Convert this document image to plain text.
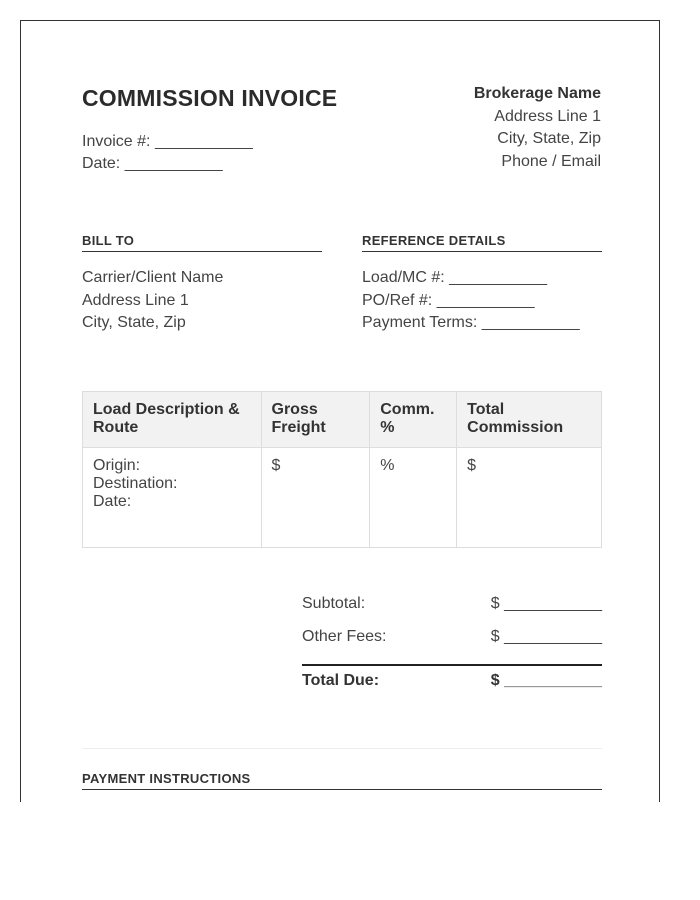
COMMISSION INVOICE
Invoice #: ___________
Date: ___________
Brokerage Name
Address Line 1
City, State, Zip
Phone / Email
BILL TO
Carrier/Client Name
Address Line 1
City, State, Zip
REFERENCE DETAILS
Load/MC #: ___________
PO/Ref #: ___________
Payment Terms: ___________
Load Description & Route	Gross Freight	Comm. %	Total Commission

Origin:
Destination:
Date:	$	%	$
Subtotal:	$ ___________
Other Fees:	$ ___________
Total Due:	$ ___________
PAYMENT INSTRUCTIONS
